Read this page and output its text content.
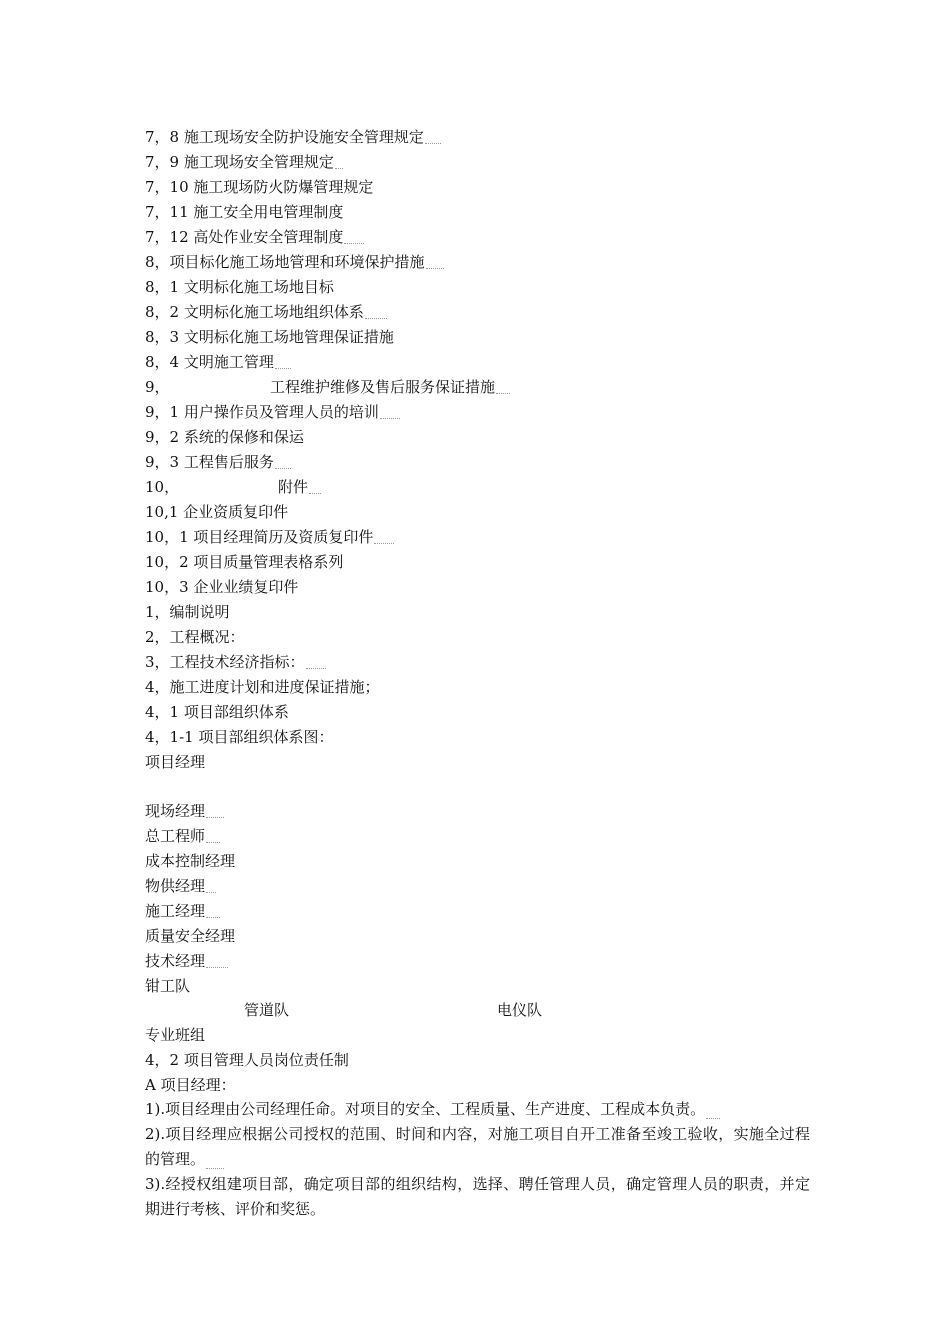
7，8 施工现场安全防护设施安全管理规定
7，9 施工现场安全管理规定
7，10 施工现场防火防爆管理规定
7，11 施工安全用电管理制度
7，12 高处作业安全管理制度
8，项目标化施工场地管理和环境保护措施
8，1 文明标化施工场地目标
8，2 文明标化施工场地组织体系
8，3 文明标化施工场地管理保证措施
8，4 文明施工管理
9，	工程维护维修及售后服务保证措施
9，1 用户操作员及管理人员的培训
9，2 系统的保修和保运
9，3 工程售后服务
10，	附件
10,1 企业资质复印件
10，1 项目经理简历及资质复印件
10，2 项目质量管理表格系列
10，3 企业业绩复印件
1，编制说明
2，工程概况：
3，工程技术经济指标：
4，施工进度计划和进度保证措施；
4，1 项目部组织体系
4，1-1 项目部组织体系图：
项目经理
现场经理
总工程师
成本控制经理
物供经理
施工经理
质量安全经理
技术经理
钳工队
管道队	电仪队
专业班组
4，2 项目管理人员岗位责任制
A 项目经理：
1).项目经理由公司经理任命。对项目的安全、工程质量、生产进度、工程成本负责。
2).项目经理应根据公司授权的范围、时间和内容，对施工项目自开工准备至竣工验收，实施全过程的管理。
3).经授权组建项目部，确定项目部的组织结构，选择、聘任管理人员，确定管理人员的职责，并定期进行考核、评价和奖惩。
